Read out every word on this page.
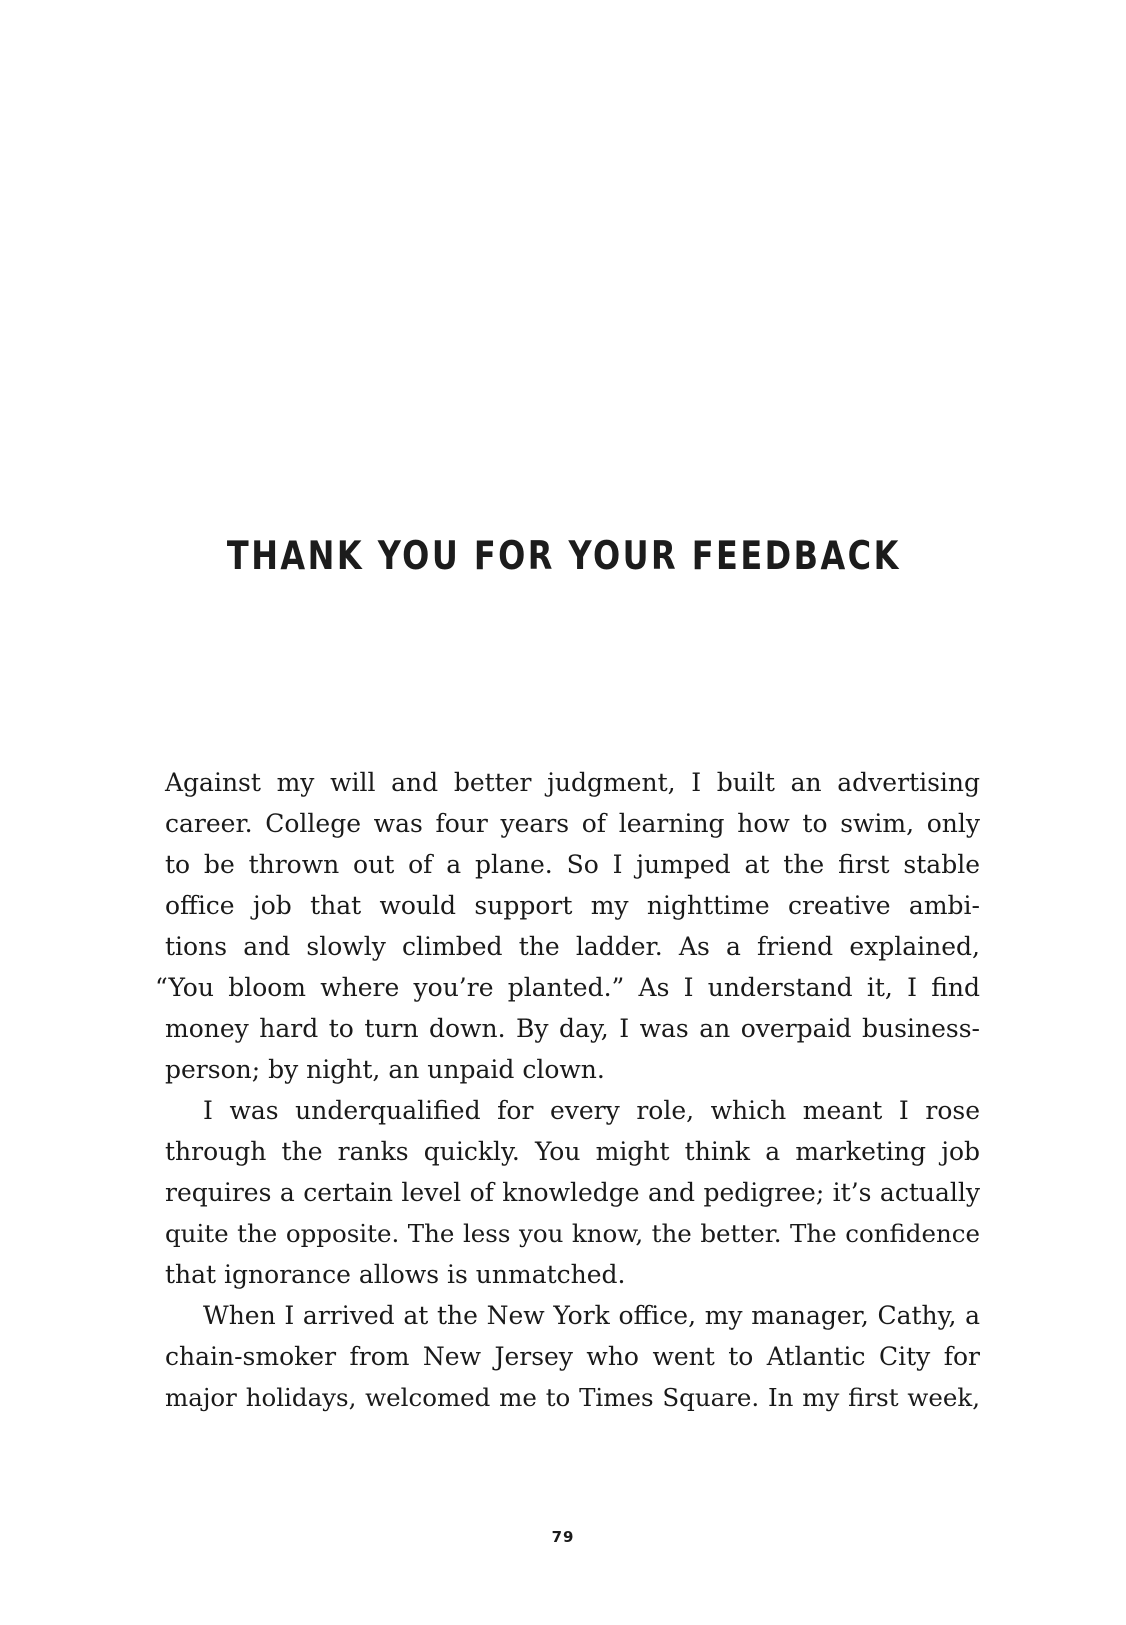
THANK YOU FOR YOUR FEEDBACK
Against my will and better judgment, I built an advertising
career. College was four years of learning how to swim, only
to be thrown out of a plane. So I jumped at the first stable
office job that would support my nighttime creative ambi-
tions and slowly climbed the ladder. As a friend explained,
“You bloom where you’re planted.” As I understand it, I find
money hard to turn down. By day, I was an overpaid business-
person; by night, an unpaid clown.
I was underqualified for every role, which meant I rose
through the ranks quickly. You might think a marketing job
requires a certain level of knowledge and pedigree; it’s actually
quite the opposite. The less you know, the better. The confidence
that ignorance allows is unmatched.
When I arrived at the New York office, my manager, Cathy, a
chain-smoker from New Jersey who went to Atlantic City for
major holidays, welcomed me to Times Square. In my first week,
79
